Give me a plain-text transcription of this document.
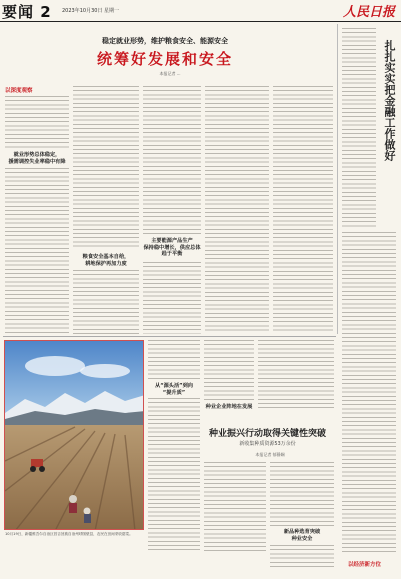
要闻 2 2023年10月30日 星期一	人民日报
稳定就业形势，维护粮食安全、能源安全
统筹好发展和安全
本报记者 ...
以深度观察
就业形势总体稳定，
援需调控失业率稳中有降
粮食安全基本自给，
耕地保护再加力度
主要能源产品生产
保持稳中增长，供应总体
趋于平衡
扎扎实实把金融工作做好
以经济新方位
10月19日，新疆维吾尔自治区昌吉回族自治州呼图壁县，农民在田间采收甜菜。
从“源头活”到向
“提升质”
种业企业阵地在发展
种业振兴行动取得关键性突破
新收集种质资源53万余份
本报记者 郁静娴
新品种选育突破
种业安全
